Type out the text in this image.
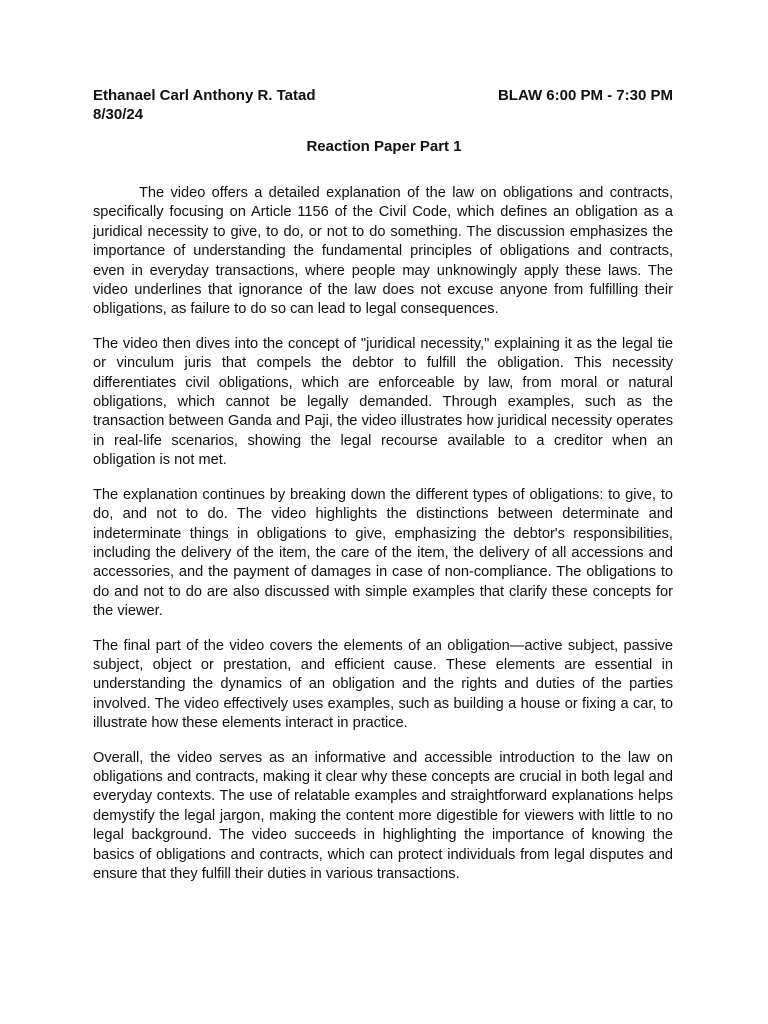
Ethanael Carl Anthony R. Tatad	BLAW 6:00 PM - 7:30 PM
8/30/24
Reaction Paper Part 1

The video offers a detailed explanation of the law on obligations and contracts, specifically focusing on Article 1156 of the Civil Code, which defines an obligation as a juridical necessity to give, to do, or not to do something. The discussion emphasizes the importance of understanding the fundamental principles of obligations and contracts, even in everyday transactions, where people may unknowingly apply these laws. The video underlines that ignorance of the law does not excuse anyone from fulfilling their obligations, as failure to do so can lead to legal consequences.

The video then dives into the concept of "juridical necessity," explaining it as the legal tie or vinculum juris that compels the debtor to fulfill the obligation. This necessity differentiates civil obligations, which are enforceable by law, from moral or natural obligations, which cannot be legally demanded. Through examples, such as the transaction between Ganda and Paji, the video illustrates how juridical necessity operates in real-life scenarios, showing the legal recourse available to a creditor when an obligation is not met.

The explanation continues by breaking down the different types of obligations: to give, to do, and not to do. The video highlights the distinctions between determinate and indeterminate things in obligations to give, emphasizing the debtor's responsibilities, including the delivery of the item, the care of the item, the delivery of all accessions and accessories, and the payment of damages in case of non-compliance. The obligations to do and not to do are also discussed with simple examples that clarify these concepts for the viewer.

The final part of the video covers the elements of an obligation—active subject, passive subject, object or prestation, and efficient cause. These elements are essential in understanding the dynamics of an obligation and the rights and duties of the parties involved. The video effectively uses examples, such as building a house or fixing a car, to illustrate how these elements interact in practice.

Overall, the video serves as an informative and accessible introduction to the law on obligations and contracts, making it clear why these concepts are crucial in both legal and everyday contexts. The use of relatable examples and straightforward explanations helps demystify the legal jargon, making the content more digestible for viewers with little to no legal background. The video succeeds in highlighting the importance of knowing the basics of obligations and contracts, which can protect individuals from legal disputes and ensure that they fulfill their duties in various transactions.
